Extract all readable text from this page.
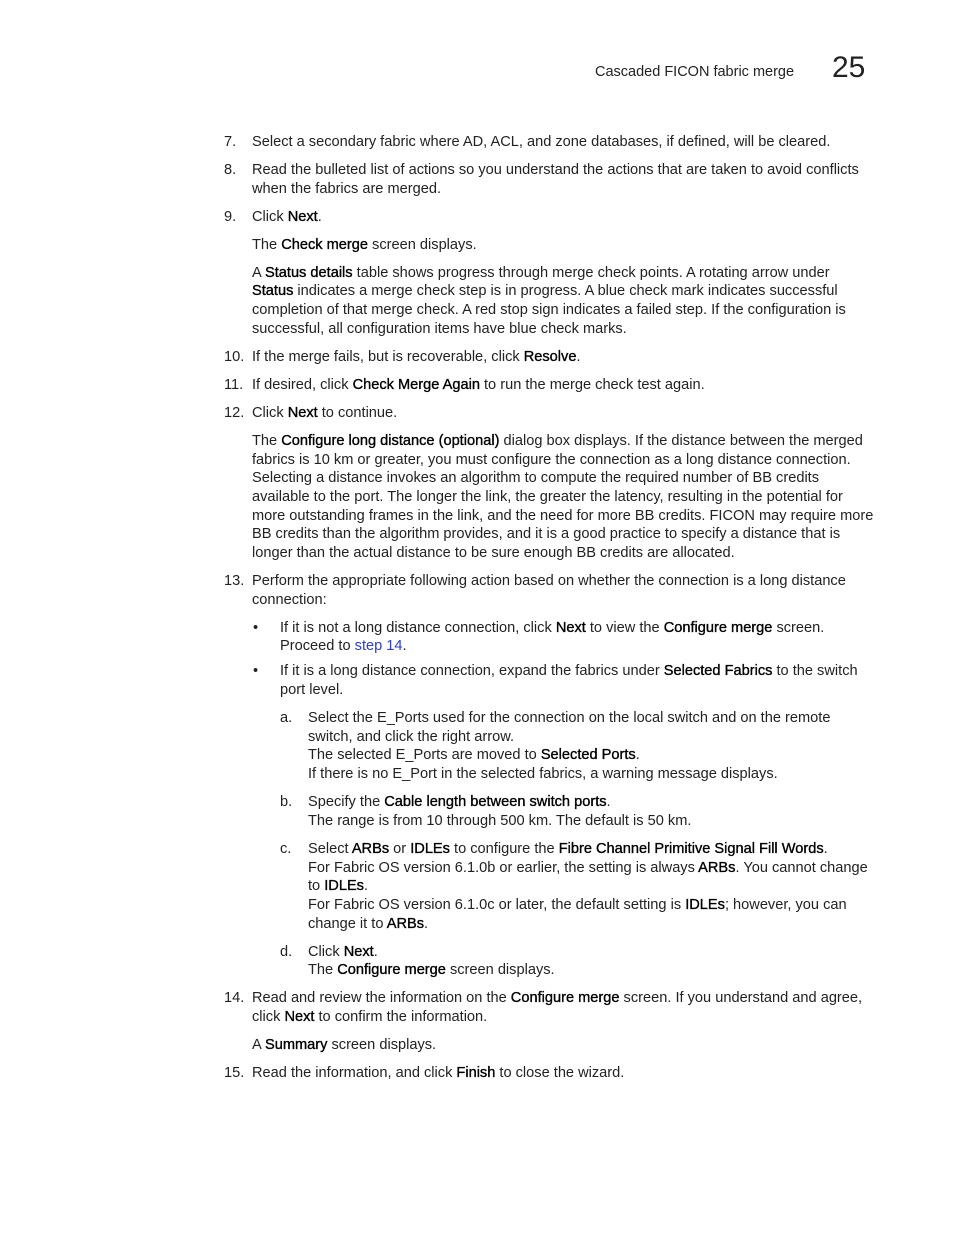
Cascaded FICON fabric merge 25
7.	Select a secondary fabric where AD, ACL, and zone databases, if defined, will be cleared.
8.	Read the bulleted list of actions so you understand the actions that are taken to avoid conflicts when the fabrics are merged.
9.	Click Next.
The Check merge screen displays.
A Status details table shows progress through merge check points. A rotating arrow under Status indicates a merge check step is in progress. A blue check mark indicates successful completion of that merge check. A red stop sign indicates a failed step. If the configuration is successful, all configuration items have blue check marks.
10. If the merge fails, but is recoverable, click Resolve.
11. If desired, click Check Merge Again to run the merge check test again.
12. Click Next to continue.
The Configure long distance (optional) dialog box displays. If the distance between the merged fabrics is 10 km or greater, you must configure the connection as a long distance connection. Selecting a distance invokes an algorithm to compute the required number of BB credits available to the port. The longer the link, the greater the latency, resulting in the potential for more outstanding frames in the link, and the need for more BB credits. FICON may require more BB credits than the algorithm provides, and it is a good practice to specify a distance that is longer than the actual distance to be sure enough BB credits are allocated.
13. Perform the appropriate following action based on whether the connection is a long distance connection:
• If it is not a long distance connection, click Next to view the Configure merge screen. Proceed to step 14.
• If it is a long distance connection, expand the fabrics under Selected Fabrics to the switch port level.
a. Select the E_Ports used for the connection on the local switch and on the remote switch, and click the right arrow.
The selected E_Ports are moved to Selected Ports.
If there is no E_Port in the selected fabrics, a warning message displays.
b. Specify the Cable length between switch ports.
The range is from 10 through 500 km. The default is 50 km.
c. Select ARBs or IDLEs to configure the Fibre Channel Primitive Signal Fill Words.
For Fabric OS version 6.1.0b or earlier, the setting is always ARBs. You cannot change to IDLEs.
For Fabric OS version 6.1.0c or later, the default setting is IDLEs; however, you can change it to ARBs.
d. Click Next.
The Configure merge screen displays.
14. Read and review the information on the Configure merge screen. If you understand and agree, click Next to confirm the information.
A Summary screen displays.
15. Read the information, and click Finish to close the wizard.
